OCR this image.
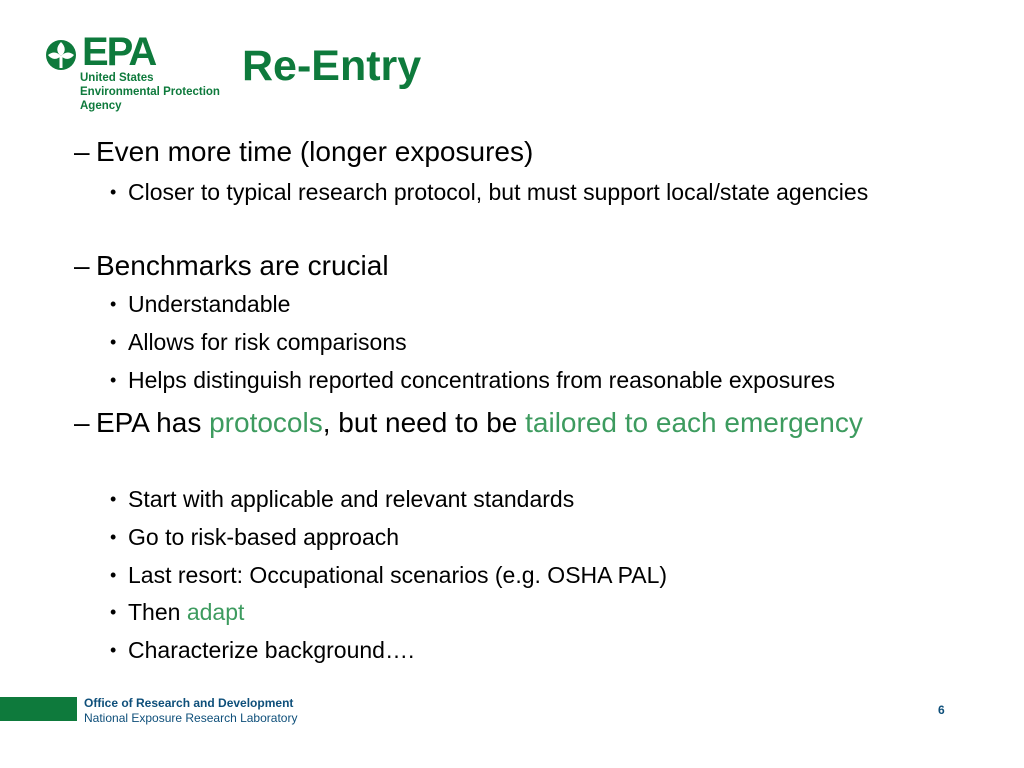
EPA
United States
Environmental Protection
Agency
Re-Entry
– Even more time (longer exposures)
• Closer to typical research protocol, but must support local/state agencies
– Benchmarks are crucial
• Understandable
• Allows for risk comparisons
• Helps distinguish reported concentrations from reasonable exposures
– EPA has protocols, but need to be tailored to each emergency
• Start with applicable and relevant standards
• Go to risk-based approach
• Last resort: Occupational scenarios (e.g. OSHA PAL)
• Then adapt
• Characterize background….
Office of Research and Development
National Exposure Research Laboratory
6
